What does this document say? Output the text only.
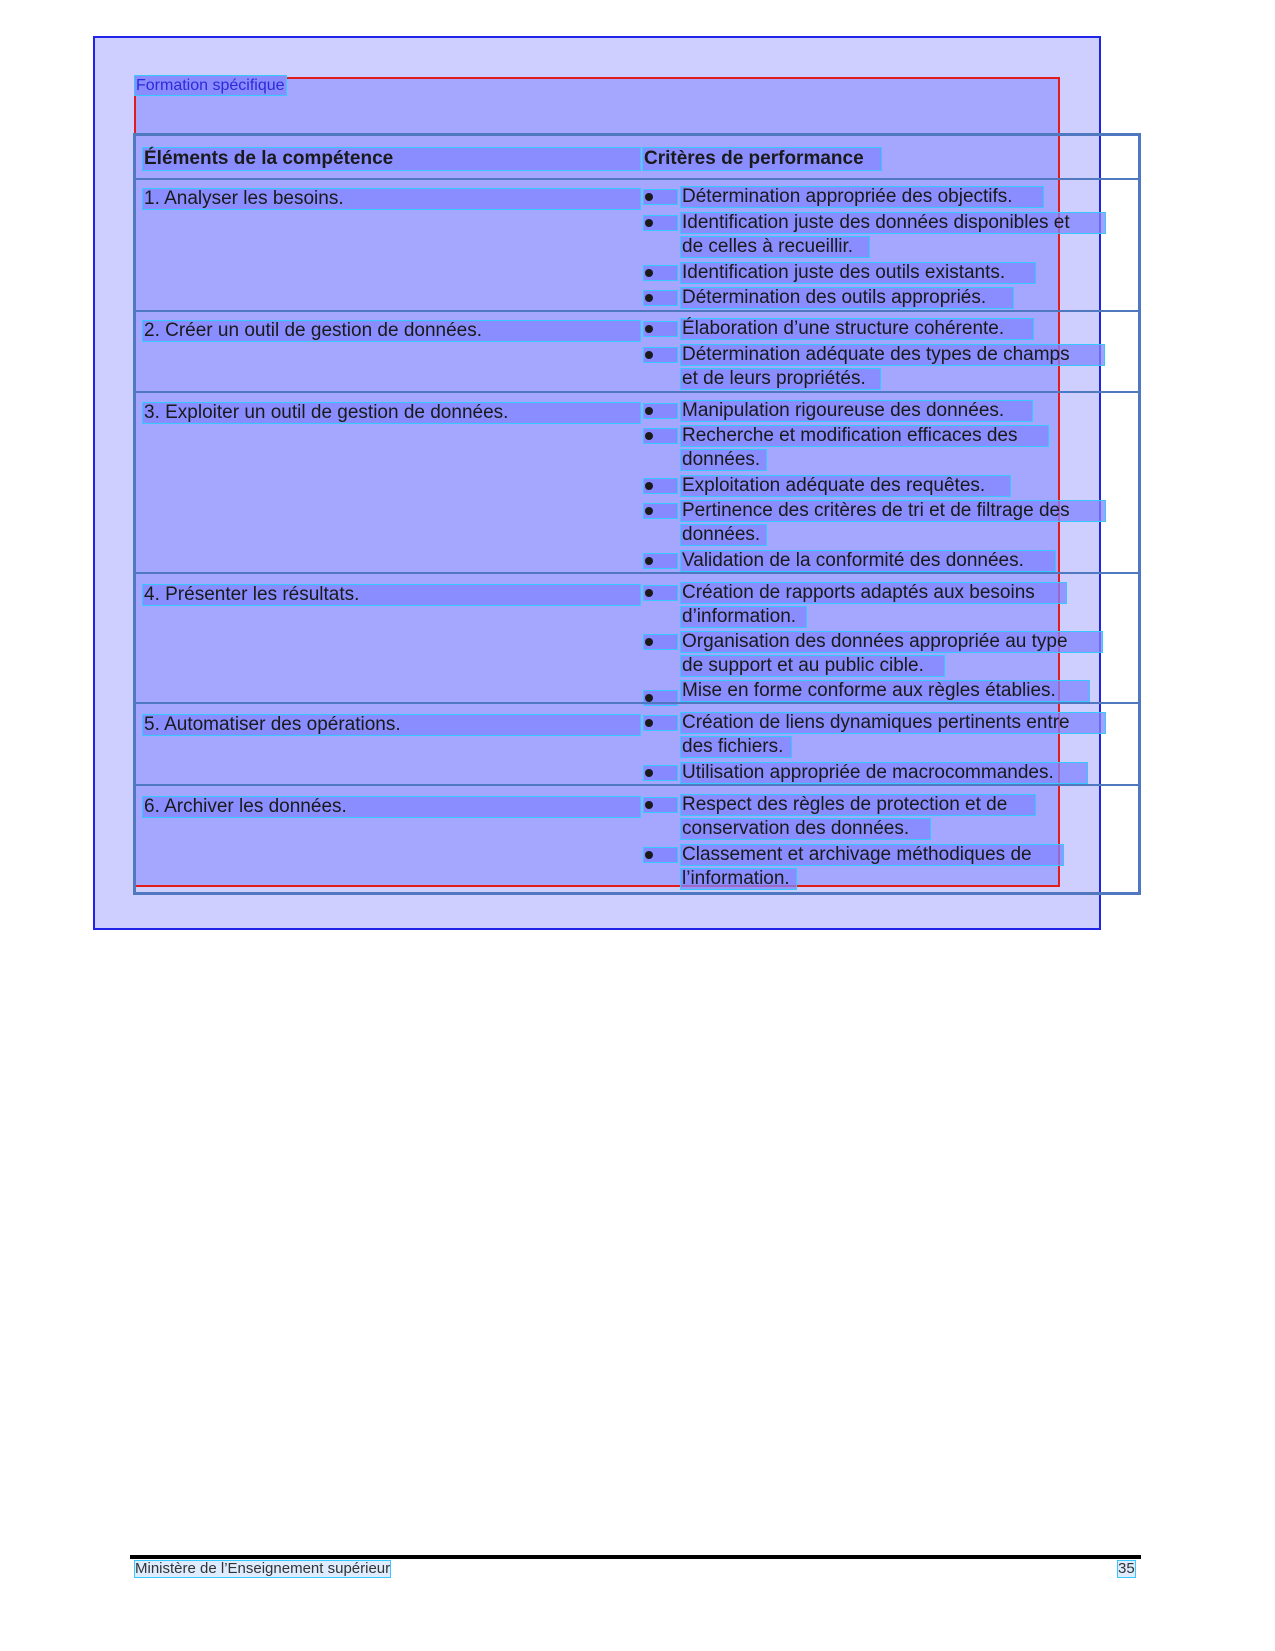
Formation spécifique
Éléments de la compétence	Critères de performance
1. Analyser les besoins.	Détermination appropriée des objectifs.
Identification juste des données disponibles et
de celles à recueillir.
Identification juste des outils existants.
Détermination des outils appropriés.
2. Créer un outil de gestion de données.	Élaboration d’une structure cohérente.
Détermination adéquate des types de champs
et de leurs propriétés.
3. Exploiter un outil de gestion de données.	Manipulation rigoureuse des données.
Recherche et modification efficaces des
données.
Exploitation adéquate des requêtes.
Pertinence des critères de tri et de filtrage des
données.
Validation de la conformité des données.
4. Présenter les résultats.	Création de rapports adaptés aux besoins
d’information.
Organisation des données appropriée au type
de support et au public cible.
Mise en forme conforme aux règles établies.
5. Automatiser des opérations.	Création de liens dynamiques pertinents entre
des fichiers.
Utilisation appropriée de macrocommandes.
6. Archiver les données.	Respect des règles de protection et de
conservation des données.
Classement et archivage méthodiques de
l’information.
Ministère de l’Enseignement supérieur	35
